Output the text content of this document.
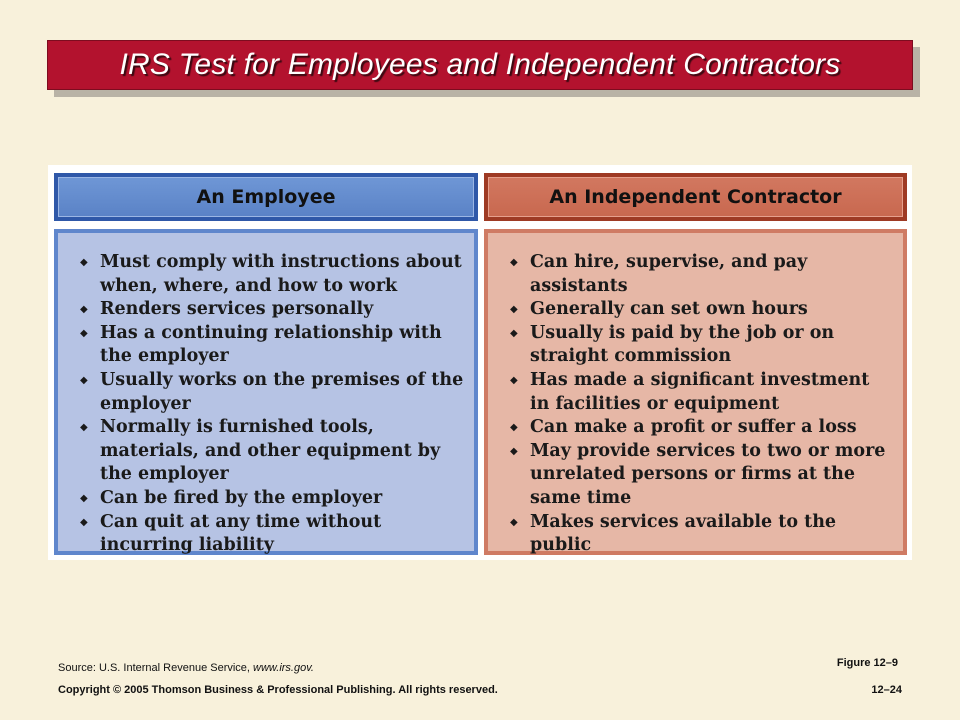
IRS Test for Employees and Independent Contractors
An Employee	An Independent Contractor
◆ Must comply with instructions about when, where, and how to work
◆ Renders services personally
◆ Has a continuing relationship with the employer
◆ Usually works on the premises of the employer
◆ Normally is furnished tools, materials, and other equipment by the employer
◆ Can be fired by the employer
◆ Can quit at any time without incurring liability
◆ Can hire, supervise, and pay assistants
◆ Generally can set own hours
◆ Usually is paid by the job or on straight commission
◆ Has made a significant investment in facilities or equipment
◆ Can make a profit or suffer a loss
◆ May provide services to two or more unrelated persons or firms at the same time
◆ Makes services available to the public
Source: U.S. Internal Revenue Service, www.irs.gov.	Figure 12–9
Copyright © 2005 Thomson Business & Professional Publishing. All rights reserved.	12–24
